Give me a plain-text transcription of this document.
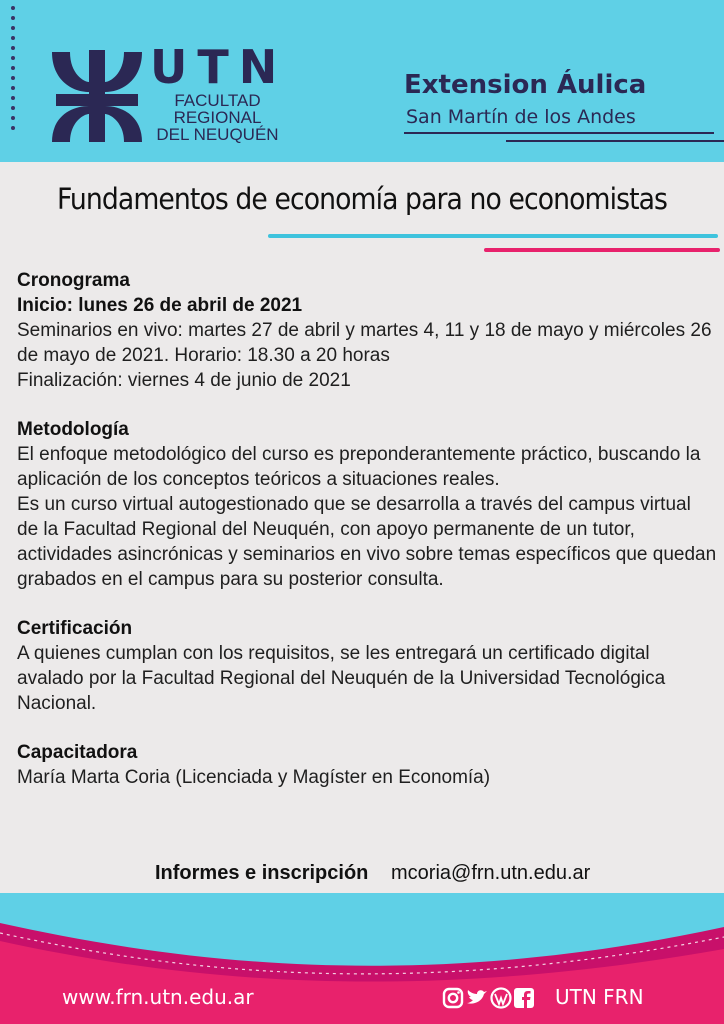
UTN
FACULTAD
REGIONAL
DEL NEUQUÉN
Extension Áulica
San Martín de los Andes
Fundamentos de economía para no economistas

Cronograma

Inicio: lunes 26 de abril de 2021

Seminarios en vivo: martes 27 de abril y martes 4, 11 y 18 de mayo y miércoles 26 de mayo de 2021. Horario: 18.30 a 20 horas

Finalización: viernes 4 de junio de 2021

Metodología

El enfoque metodológico del curso es preponderantemente práctico, buscando la aplicación de los conceptos teóricos a situaciones reales.

Es un curso virtual autogestionado que se desarrolla a través del campus virtual de la Facultad Regional del Neuquén, con apoyo permanente de un tutor, actividades asincrónicas y seminarios en vivo sobre temas específicos que quedan grabados en el campus para su posterior consulta.

Certificación

A quienes cumplan con los requisitos, se les entregará un certificado digital avalado por la Facultad Regional del Neuquén de la Universidad Tecnológica Nacional.

Capacitadora

María Marta Coria (Licenciada y Magíster en Economía)

Informes e inscripción mcoria@frn.utn.edu.ar
www.frn.utn.edu.ar	UTN FRN
